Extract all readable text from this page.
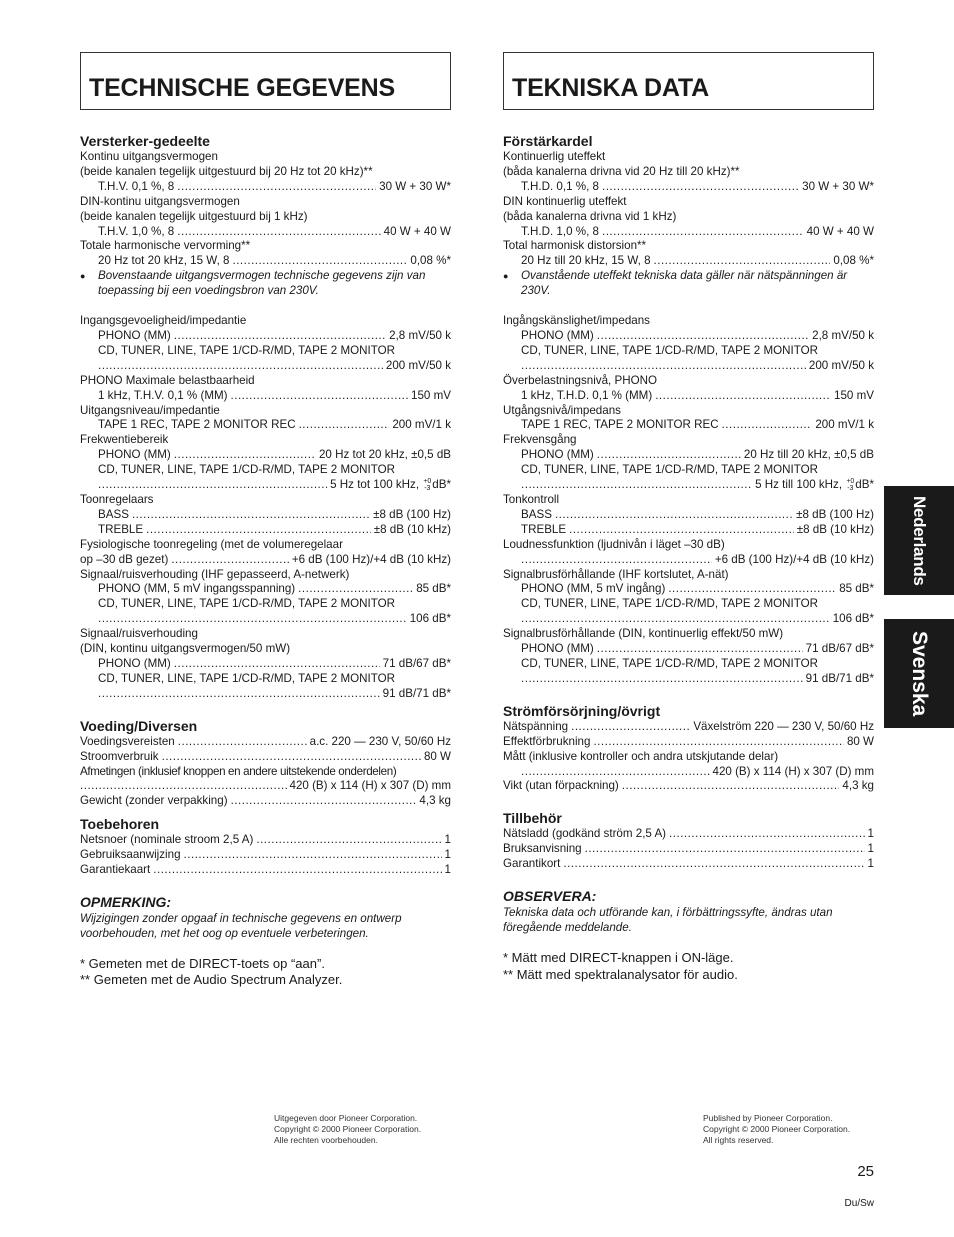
TECHNISCHE GEGEVENS
Versterker-gedeelte
Kontinu uitgangsvermogen
(beide kanalen tegelijk uitgestuurd bij 20 Hz tot 20 kHz)**
T.H.V. 0,1 %, 8 .....	30 W + 30 W*
DIN-kontinu uitgangsvermogen
(beide kanalen tegelijk uitgestuurd bij 1 kHz)
T.H.V. 1,0 %, 8 .....	40 W + 40 W
Totale harmonische vervorming**
20 Hz tot 20 kHz, 15 W, 8 .....	0,08 %*
●	Bovenstaande uitgangsvermogen technische gegevens zijn van toepassing bij een voedingsbron van 230V.
Ingangsgevoeligheid/impedantie
PHONO (MM) .....	2,8 mV/50 k
CD, TUNER, LINE, TAPE 1/CD-R/MD, TAPE 2 MONITOR
.....
200 mV/50 k
PHONO Maximale belastbaarheid
1 kHz, T.H.V. 0,1 % (MM) .....	150 mV
Uitgangsniveau/impedantie
TAPE 1 REC, TAPE 2 MONITOR REC .....	200 mV/1 k
Frekwentiebereik
PHONO (MM) .....	20 Hz tot 20 kHz, ±0,5 dB
CD, TUNER, LINE, TAPE 1/CD-R/MD, TAPE 2 MONITOR
.....
5 Hz tot 100 kHz, +0
-3 dB*
Toonregelaars
BASS .....	±8 dB (100 Hz)
TREBLE .....	±8 dB (10 kHz)
Fysiologische toonregeling (met de volumeregelaar
op –30 dB gezet) .....	+6 dB (100 Hz)/+4 dB (10 kHz)
Signaal/ruisverhouding (IHF gepasseerd, A-netwerk)
PHONO (MM, 5 mV ingangsspanning) .....	85 dB*
CD, TUNER, LINE, TAPE 1/CD-R/MD, TAPE 2 MONITOR
.....
106 dB*
Signaal/ruisverhouding
(DIN, kontinu uitgangsvermogen/50 mW)
PHONO (MM) .....	71 dB/67 dB*
CD, TUNER, LINE, TAPE 1/CD-R/MD, TAPE 2 MONITOR
.....
91 dB/71 dB*
Voeding/Diversen
Voedingsvereisten .....	a.c. 220 — 230 V, 50/60 Hz
Stroomverbruik .....	80 W
Afmetingen (inklusief knoppen en andere uitstekende onderdelen)
.....
420 (B) x 114 (H) x 307 (D) mm
Gewicht (zonder verpakking) .....	4,3 kg
Toebehoren
Netsnoer (nominale stroom 2,5 A) .....	1
Gebruiksaanwijzing .....	1
Garantiekaart .....	1
OPMERKING:
Wijzigingen zonder opgaaf in technische gegevens en ontwerp voorbehouden, met het oog op eventuele verbeteringen.
* Gemeten met de DIRECT-toets op “aan”.
** Gemeten met de Audio Spectrum Analyzer.
TEKNISKA DATA
Förstärkardel
Kontinuerlig uteffekt
(båda kanalerna drivna vid 20 Hz till 20 kHz)**
T.H.D. 0,1 %, 8 .....	30 W + 30 W*
DIN kontinuerlig uteffekt
(båda kanalerna drivna vid 1 kHz)
T.H.D. 1,0 %, 8 .....	40 W + 40 W
Total harmonisk distorsion**
20 Hz till 20 kHz, 15 W, 8 .....	0,08 %*
●	Ovanstående uteffekt tekniska data gäller när nätspänningen är 230V.
Ingångskänslighet/impedans
PHONO (MM) .....	2,8 mV/50 k
CD, TUNER, LINE, TAPE 1/CD-R/MD, TAPE 2 MONITOR
.....
200 mV/50 k
Överbelastningsnivå, PHONO
1 kHz, T.H.D. 0,1 % (MM) .....	150 mV
Utgångsnivå/impedans
TAPE 1 REC, TAPE 2 MONITOR REC .....	200 mV/1 k
Frekvensgång
PHONO (MM) .....	20 Hz till 20 kHz, ±0,5 dB
CD, TUNER, LINE, TAPE 1/CD-R/MD, TAPE 2 MONITOR
.....
5 Hz till 100 kHz, +0
-3 dB*
Tonkontroll
BASS .....	±8 dB (100 Hz)
TREBLE .....	±8 dB (10 kHz)
Loudnessfunktion (ljudnivån i läget –30 dB)
.....
+6 dB (100 Hz)/+4 dB (10 kHz)
Signalbrusförhållande (IHF kortslutet, A-nät)
PHONO (MM, 5 mV ingång) .....	85 dB*
CD, TUNER, LINE, TAPE 1/CD-R/MD, TAPE 2 MONITOR
.....
106 dB*
Signalbrusförhållande (DIN, kontinuerlig effekt/50 mW)
PHONO (MM) .....	71 dB/67 dB*
CD, TUNER, LINE, TAPE 1/CD-R/MD, TAPE 2 MONITOR
.....
91 dB/71 dB*
Strömförsörjning/övrigt
Nätspänning .....	Växelström 220 — 230 V, 50/60 Hz
Effektförbrukning .....	80 W
Mått (inklusive kontroller och andra utskjutande delar)
.....
420 (B) x 114 (H) x 307 (D) mm
Vikt (utan förpackning) .....	4,3 kg
Tillbehör
Nätsladd (godkänd ström 2,5 A) .....	1
Bruksanvisning .....	1
Garantikort .....	1
OBSERVERA:
Tekniska data och utförande kan, i förbättringssyfte, ändras utan föregående meddelande.
* Mätt med DIRECT-knappen i ON-läge.
** Mätt med spektralanalysator för audio.
Nederlands
Svenska
Uitgegeven door Pioneer Corporation.
Copyright © 2000 Pioneer Corporation.
Alle rechten voorbehouden.
Published by Pioneer Corporation.
Copyright © 2000 Pioneer Corporation.
All rights reserved.
25
Du/Sw
